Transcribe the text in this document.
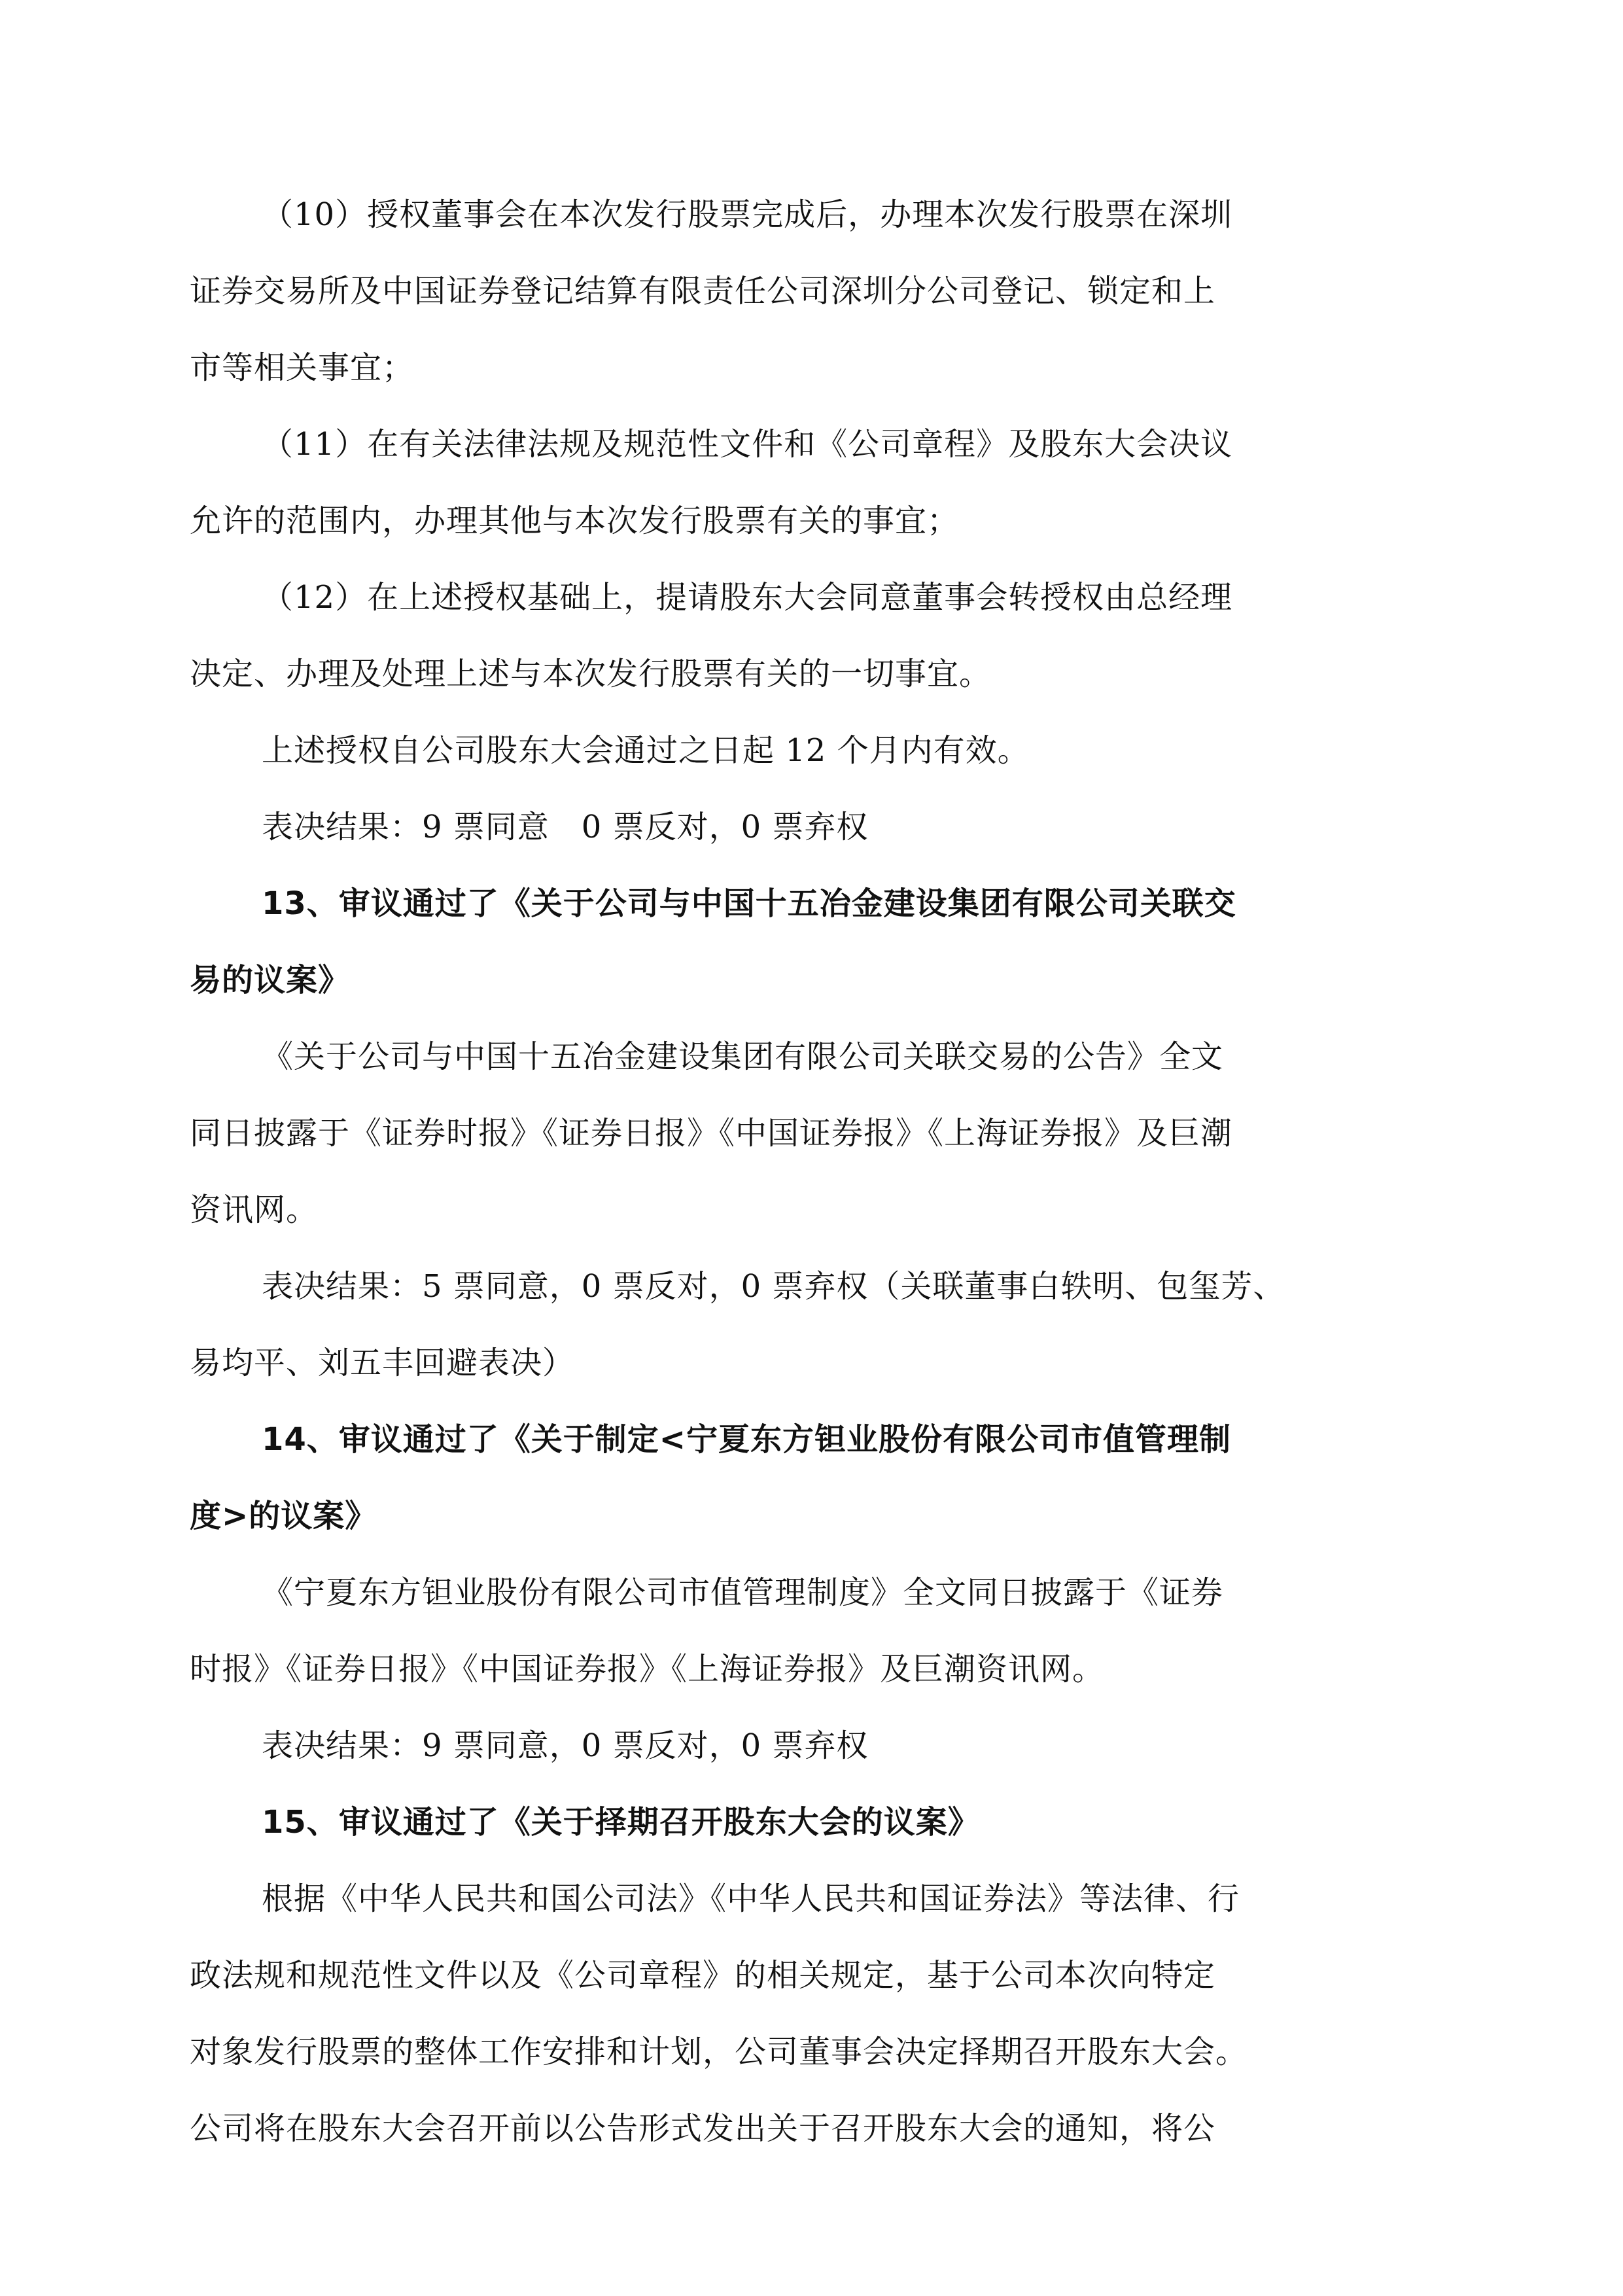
（10）授权董事会在本次发行股票完成后，办理本次发行股票在深圳
证券交易所及中国证券登记结算有限责任公司深圳分公司登记、锁定和上
市等相关事宜；
（11）在有关法律法规及规范性文件和《公司章程》及股东大会决议
允许的范围内，办理其他与本次发行股票有关的事宜；
（12）在上述授权基础上，提请股东大会同意董事会转授权由总经理
决定、办理及处理上述与本次发行股票有关的一切事宜。
上述授权自公司股东大会通过之日起 12 个月内有效。
表决结果：9 票同意　0 票反对，0 票弃权
13、审议通过了《关于公司与中国十五冶金建设集团有限公司关联交
易的议案》
《关于公司与中国十五冶金建设集团有限公司关联交易的公告》全文
同日披露于《证券时报》《证券日报》《中国证券报》《上海证券报》及巨潮
资讯网。
表决结果：5 票同意，0 票反对，0 票弃权（关联董事白轶明、包玺芳、
易均平、刘五丰回避表决）
14、审议通过了《关于制定<宁夏东方钽业股份有限公司市值管理制
度>的议案》
《宁夏东方钽业股份有限公司市值管理制度》全文同日披露于《证券
时报》《证券日报》《中国证券报》《上海证券报》及巨潮资讯网。
表决结果：9 票同意，0 票反对，0 票弃权
15、审议通过了《关于择期召开股东大会的议案》
根据《中华人民共和国公司法》《中华人民共和国证券法》等法律、行
政法规和规范性文件以及《公司章程》的相关规定，基于公司本次向特定
对象发行股票的整体工作安排和计划，公司董事会决定择期召开股东大会。
公司将在股东大会召开前以公告形式发出关于召开股东大会的通知，将公
